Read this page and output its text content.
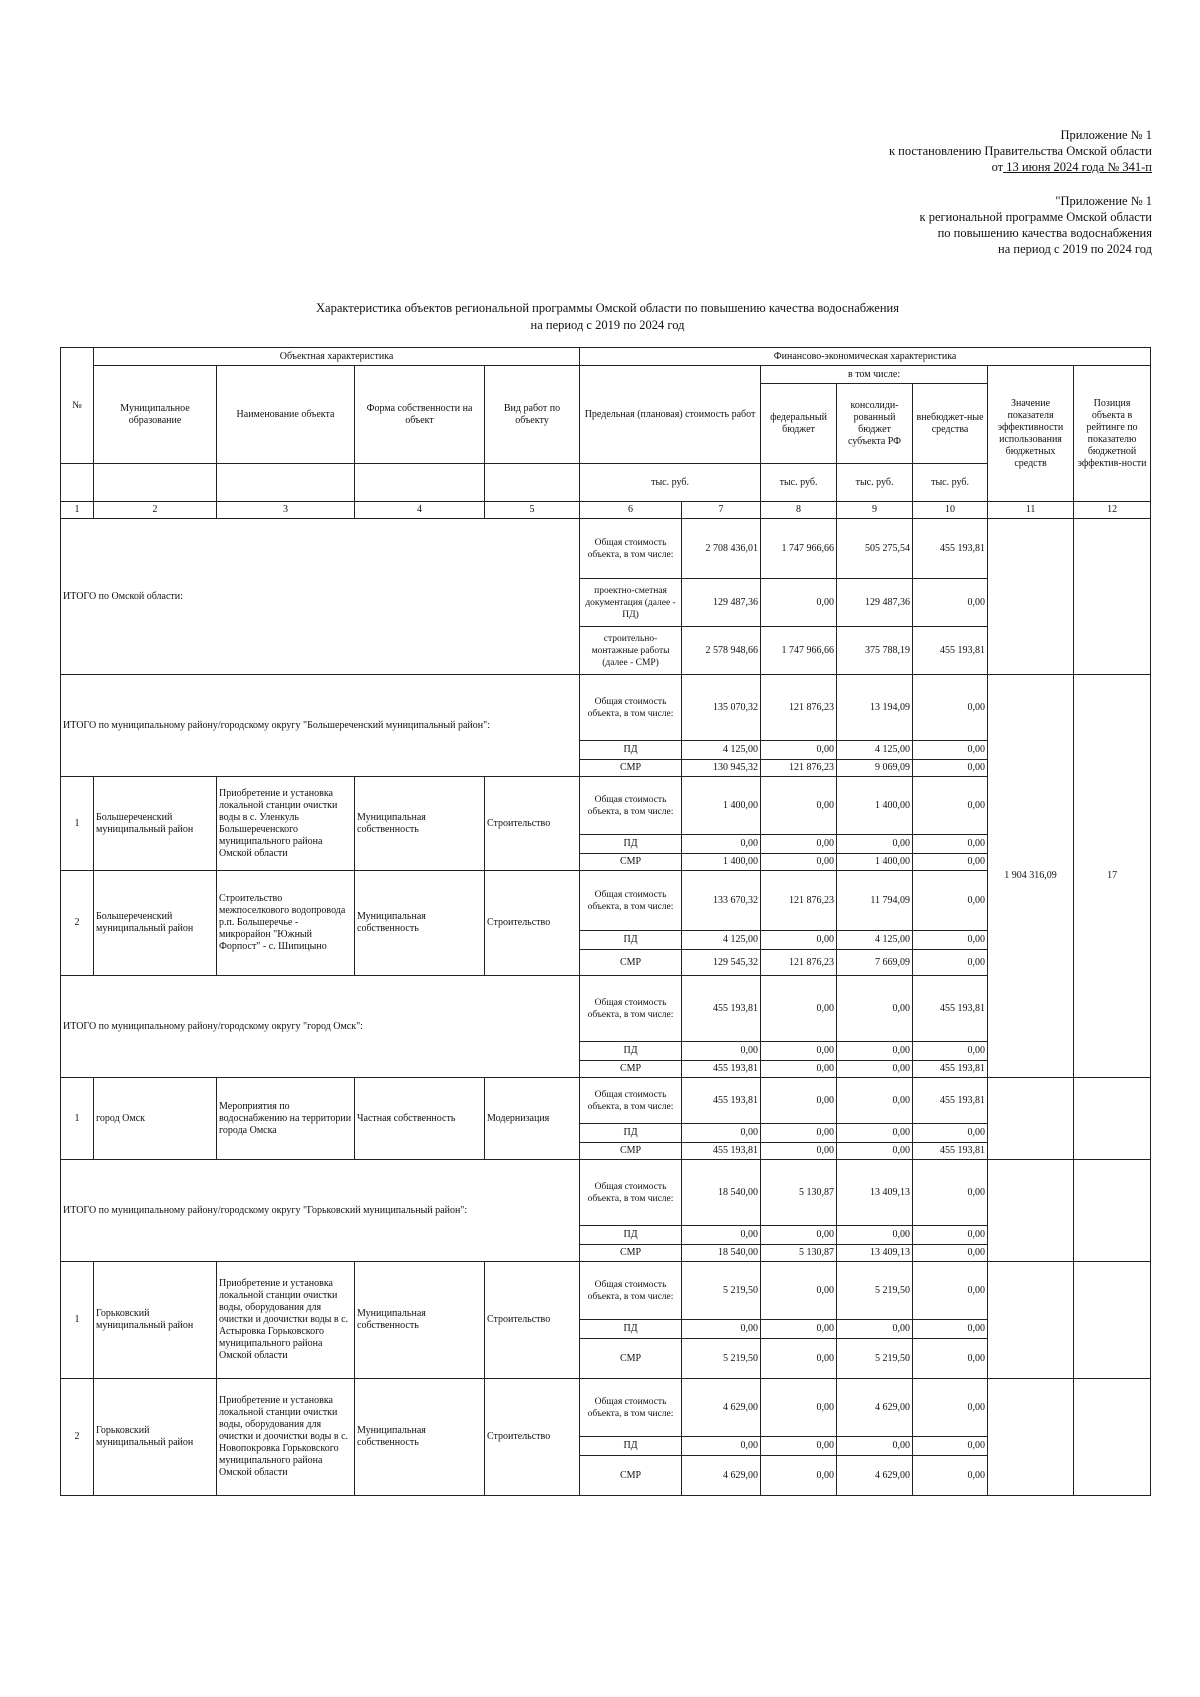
Приложение № 1
к постановлению Правительства Омской области
от 13 июня 2024 года № 341-п
"Приложение № 1
к региональной программе Омской области
по повышению качества водоснабжения
на период с 2019 по 2024 год
Характеристика объектов региональной программы Омской области по повышению качества водоснабжения
на период с 2019 по 2024 год
№	Объектная характеристика				Финансово-экономическая характеристика							
	Муниципальное образование	Наименование объекта	Форма собственности на объект	Вид работ по объекту	Предельная (плановая) стоимость работ		в том числе:			Значение показателя эффективности использования бюджетных средств	Позиция объекта в рейтинге по показателю бюджетной эффектив-ности	
							федеральный бюджет	консолиди-рованный бюджет субъекта РФ	внебюджет-ные средства			
					тыс. руб.		тыс. руб.	тыс. руб.	тыс. руб.		
1	2	3	4	5	6	7	8	9	10	11	12	
ИТОГО по Омской области:					Общая стоимость объекта, в том числе:	2 708 436,01	1 747 966,66	505 275,54	455 193,81			
					проектно-сметная документация (далее - ПД)	129 487,36	0,00	129 487,36	0,00			
					строительно-монтажные работы (далее - СМР)	2 578 948,66	1 747 966,66	375 788,19	455 193,81			
ИТОГО по муниципальному району/городскому округу "Большереченский муниципальный район":					Общая стоимость объекта, в том числе:	135 070,32	121 876,23	13 194,09	0,00	1 904 316,09	17	
					ПД	4 125,00	0,00	4 125,00	0,00			
					СМР	130 945,32	121 876,23	9 069,09	0,00			
1	Большереченский муниципальный район	Приобретение и установка локальной станции очистки воды в с. Уленкуль Большереченского муниципального района Омской области	Муниципальная собственность	Строительство	Общая стоимость объекта, в том числе:	1 400,00	0,00	1 400,00	0,00			
					ПД	0,00	0,00	0,00	0,00			
					СМР	1 400,00	0,00	1 400,00	0,00			
2	Большереченский муниципальный район	Строительство межпоселкового водопровода р.п. Большеречье - микрорайон "Южный Форпост" - с. Шипицыно	Муниципальная собственность	Строительство	Общая стоимость объекта, в том числе:	133 670,32	121 876,23	11 794,09	0,00			
					ПД	4 125,00	0,00	4 125,00	0,00			
					СМР	129 545,32	121 876,23	7 669,09	0,00			
ИТОГО по муниципальному району/городскому округу "город Омск":					Общая стоимость объекта, в том числе:	455 193,81	0,00	0,00	455 193,81			
					ПД	0,00	0,00	0,00	0,00			
					СМР	455 193,81	0,00	0,00	455 193,81			
1	город Омск	Мероприятия по водоснабжению на территории города Омска	Частная собственность	Модернизация	Общая стоимость объекта, в том числе:	455 193,81	0,00	0,00	455 193,81			
					ПД	0,00	0,00	0,00	0,00			
					СМР	455 193,81	0,00	0,00	455 193,81			
ИТОГО по муниципальному району/городскому округу "Горьковский муниципальный район":					Общая стоимость объекта, в том числе:	18 540,00	5 130,87	13 409,13	0,00			
					ПД	0,00	0,00	0,00	0,00			
					СМР	18 540,00	5 130,87	13 409,13	0,00			
1	Горьковский муниципальный район	Приобретение и установка локальной станции очистки воды, оборудования для очистки и доочистки воды в с. Астыровка Горьковского муниципального района Омской области	Муниципальная собственность	Строительство	Общая стоимость объекта, в том числе:	5 219,50	0,00	5 219,50	0,00			
					ПД	0,00	0,00	0,00	0,00			
					СМР	5 219,50	0,00	5 219,50	0,00			
2	Горьковский муниципальный район	Приобретение и установка локальной станции очистки воды, оборудования для очистки и доочистки воды в с. Новопокровка Горьковского муниципального района Омской области	Муниципальная собственность	Строительство	Общая стоимость объекта, в том числе:	4 629,00	0,00	4 629,00	0,00			
					ПД	0,00	0,00	0,00	0,00			
					СМР	4 629,00	0,00	4 629,00	0,00			
